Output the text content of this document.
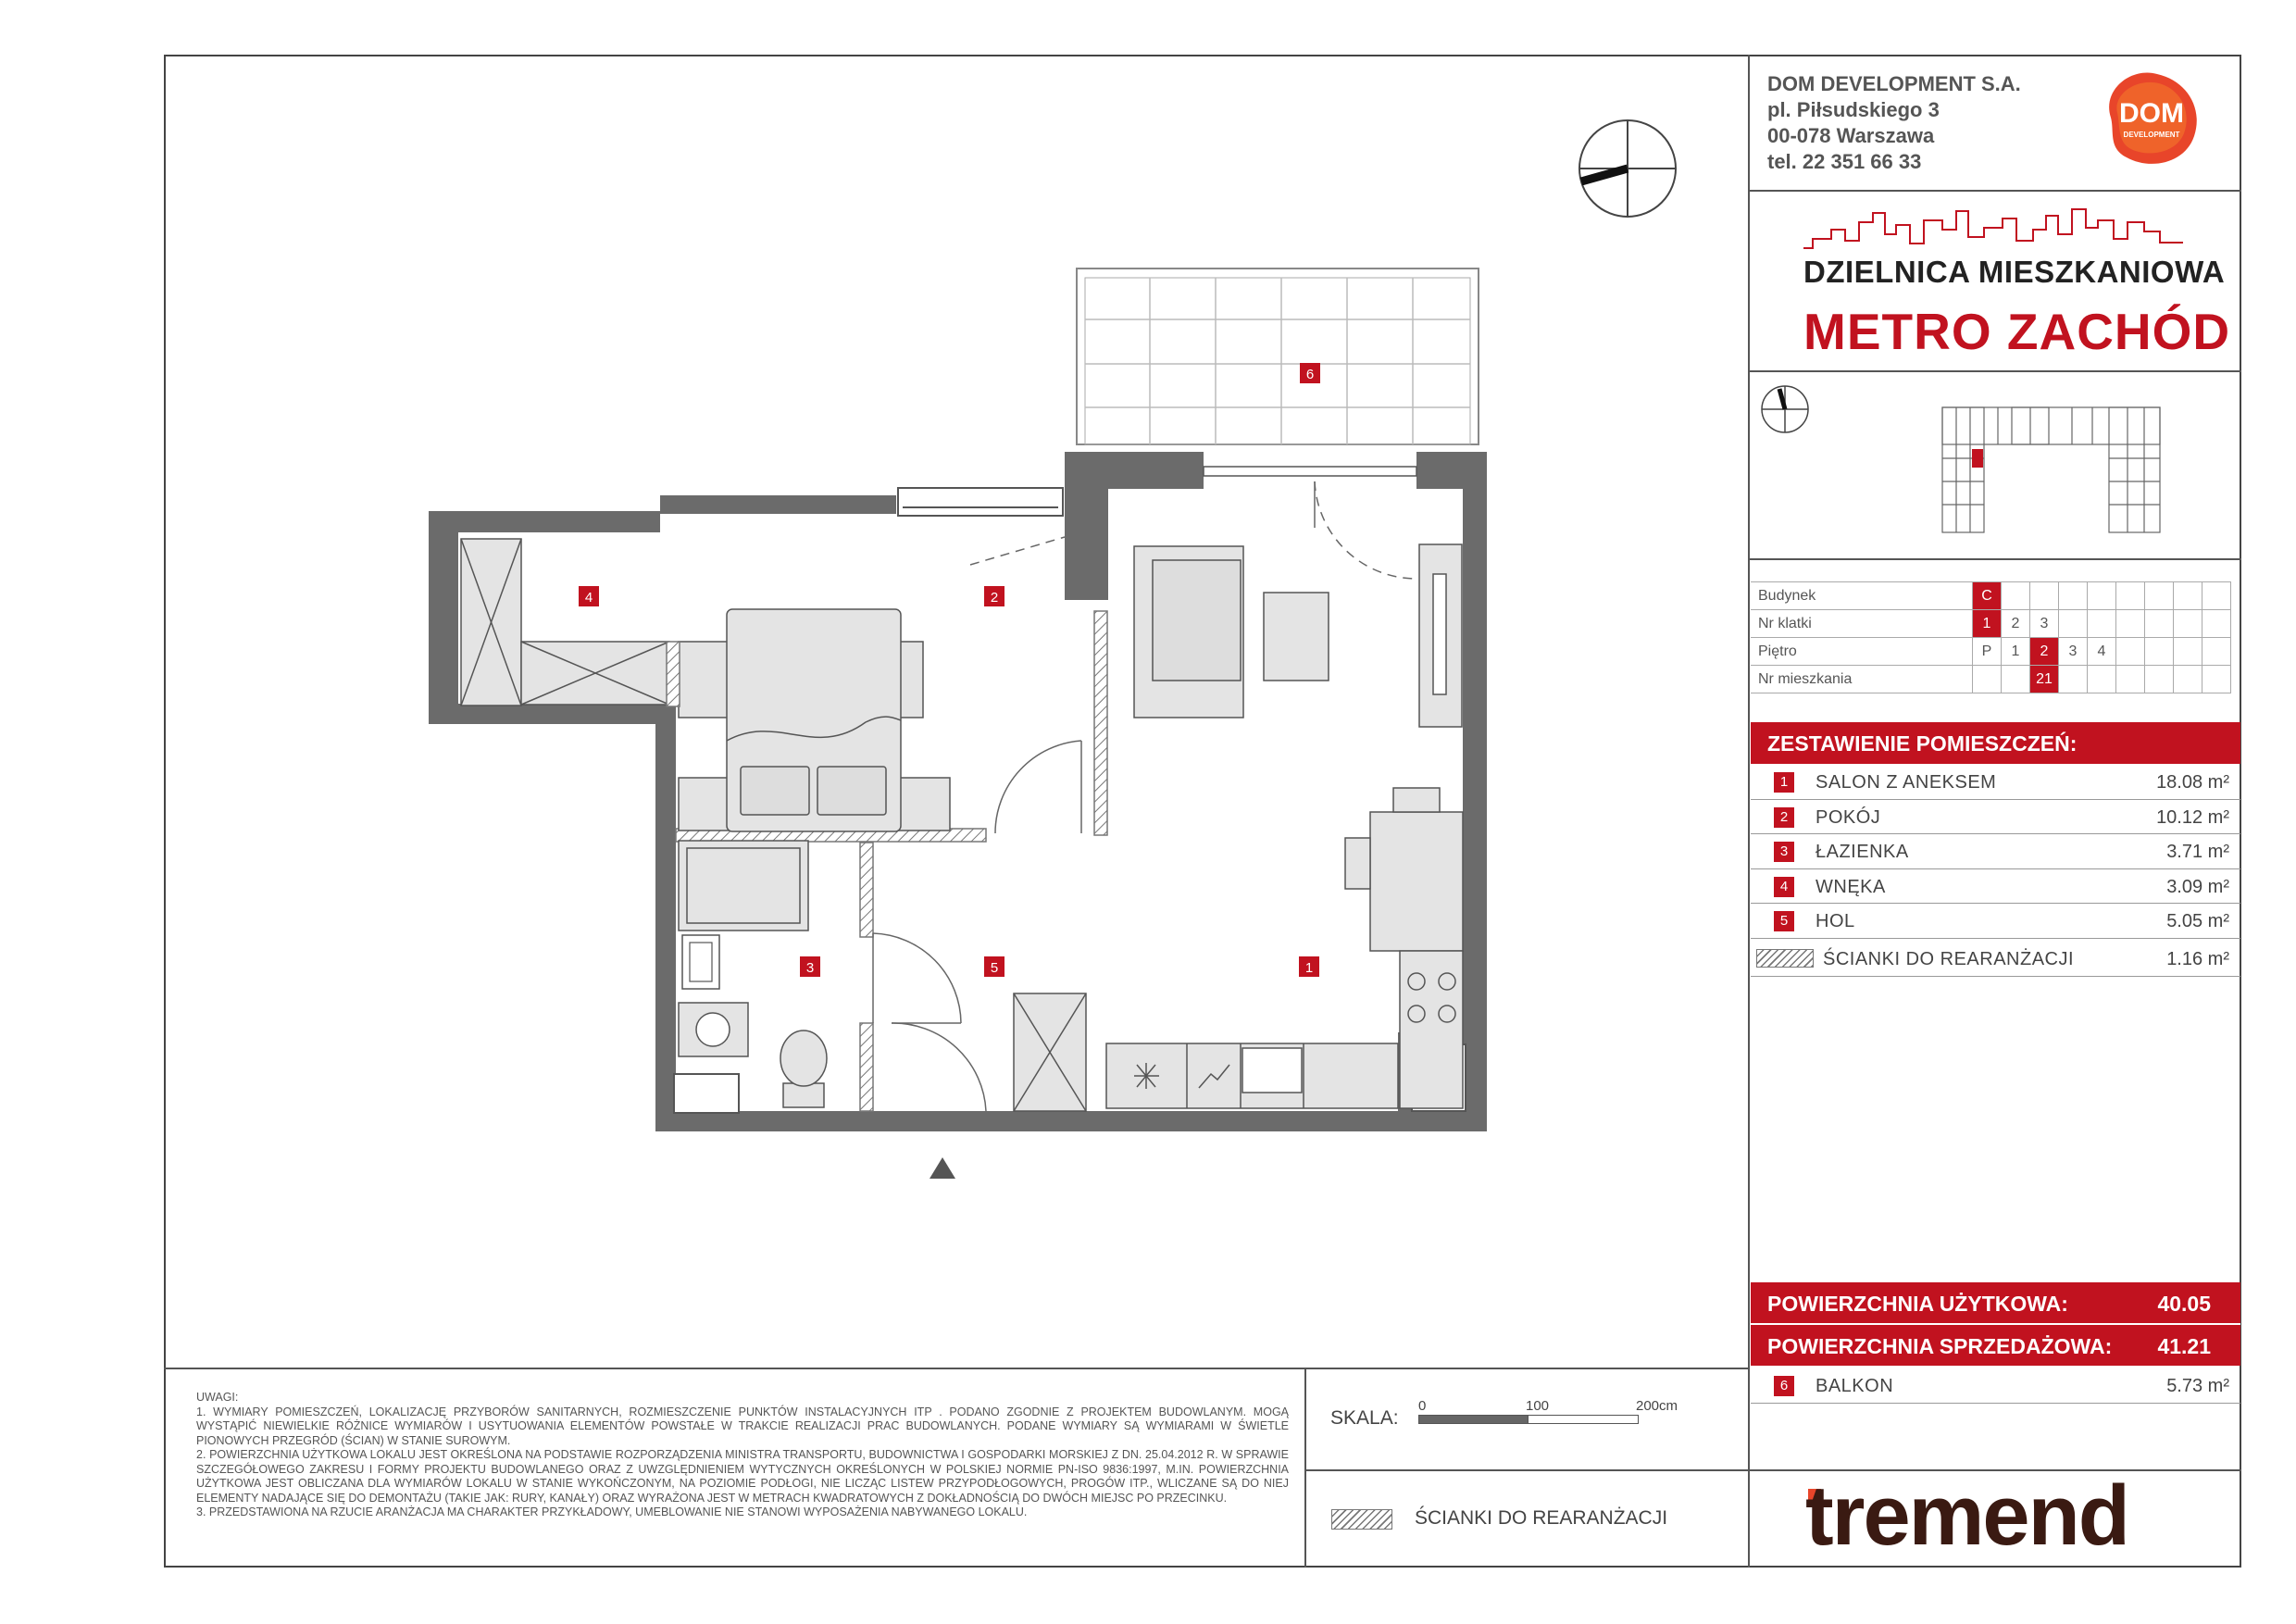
1
2
3
4
5
6
DOM DEVELOPMENT S.A.
pl. Piłsudskiego 3
00-078 Warszawa
tel. 22 351 66 33
DOM
DEVELOPMENT
DZIELNICA MIESZKANIOWA
METRO ZACHÓD
Budynek	C								
Nr klatki	1	2	3						
Piętro	P	1	2	3	4				
Nr mieszkania			21						
ZESTAWIENIE POMIESZCZEŃ:
1	SALON Z ANEKSEM	18.08 m²
2	POKÓJ	10.12 m²
3	ŁAZIENKA	3.71 m²
4	WNĘKA	3.09 m²
5	HOL	5.05 m²
ŚCIANKI DO REARANŻACJI	1.16 m²
POWIERZCHNIA UŻYTKOWA:	40.05
POWIERZCHNIA SPRZEDAŻOWA: 41.21
6	BALKON	5.73 m²

UWAGI:

1. WYMIARY POMIESZCZEŃ, LOKALIZACJĘ PRZYBORÓW SANITARNYCH, ROZMIESZCZENIE PUNKTÓW INSTALACYJNYCH ITP . PODANO ZGODNIE Z PROJEKTEM BUDOWLANYM. MOGĄ WYSTĄPIĆ NIEWIELKIE RÓŻNICE WYMIARÓW I USYTUOWANIA ELEMENTÓW POWSTAŁE W TRAKCIE REALIZACJI PRAC BUDOWLANYCH. PODANE WYMIARY SĄ WYMIARAMI W ŚWIETLE PIONOWYCH PRZEGRÓD (ŚCIAN) W STANIE SUROWYM.

2. POWIERZCHNIA UŻYTKOWA LOKALU JEST OKREŚLONA NA PODSTAWIE ROZPORZĄDZENIA MINISTRA TRANSPORTU, BUDOWNICTWA I GOSPODARKI MORSKIEJ Z DN. 25.04.2012 R. W SPRAWIE SZCZEGÓŁOWEGO ZAKRESU I FORMY PROJEKTU BUDOWLANEGO ORAZ Z UWZGLĘDNIENIEM WYTYCZNYCH OKREŚLONYCH W POLSKIEJ NORMIE PN-ISO 9836:1997, M.IN. POWIERZCHNIA UŻYTKOWA JEST OBLICZANA DLA WYMIARÓW LOKALU W STANIE WYKOŃCZONYM, NA POZIOMIE PODŁOGI, NIE LICZĄC LISTEW PRZYPODŁOGOWYCH, PROGÓW ITP., WLICZANE SĄ DO NIEJ ELEMENTY NADAJĄCE SIĘ DO DEMONTAŻU (TAKIE JAK: RURY, KANAŁY) ORAZ WYRAŻONA JEST W METRACH KWADRATOWYCH Z DOKŁADNOŚCIĄ DO DWÓCH MIEJSC PO PRZECINKU.

3. PRZEDSTAWIONA NA RZUCIE ARANŻACJA MA CHARAKTER PRZYKŁADOWY, UMEBLOWANIE NIE STANOWI WYPOSAŻENIA NABYWANEGO LOKALU.

SKALA:
0	100	200cm
ŚCIANKI DO REARANŻACJI tremend
